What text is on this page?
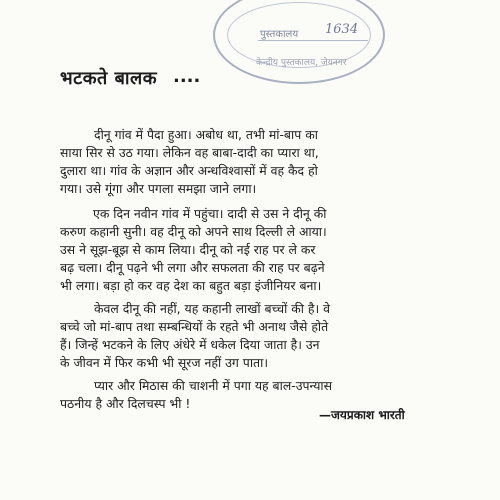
पुस्तकालय 1634
केन्द्रीय पुस्तकालय, जेयनगर
भटकते बालक ....
दीनू गांव में पैदा हुआ। अबोध था, तभी मां-बाप का
साया सिर से उठ गया। लेकिन वह बाबा-दादी का प्यारा था,
दुलारा था। गांव के अज्ञान और अन्धविश्वासों में वह कैद हो
गया। उसे गूंगा और पगला समझा जाने लगा।
एक दिन नवीन गांव में पहुंचा। दादी से उस ने दीनू की
करुण कहानी सुनी। वह दीनू को अपने साथ दिल्ली ले आया।
उस ने सूझ-बूझ से काम लिया। दीनू को नई राह पर ले कर
बढ़ चला। दीनू पढ़ने भी लगा और सफलता की राह पर बढ़ने
भी लगा। बड़ा हो कर वह देश का बहुत बड़ा इंजीनियर बना।
केवल दीनू की नहीं, यह कहानी लाखों बच्चों की है। वे
बच्चे जो मां-बाप तथा सम्बन्धियों के रहते भी अनाथ जैसे होते
हैं। जिन्हें भटकने के लिए अंधेरे में धकेल दिया जाता है। उन
के जीवन में फिर कभी भी सूरज नहीं उग पाता।
प्यार और मिठास की चाशनी में पगा यह बाल-उपन्यास
पठनीय है और दिलचस्प भी !
—जयप्रकाश भारती
